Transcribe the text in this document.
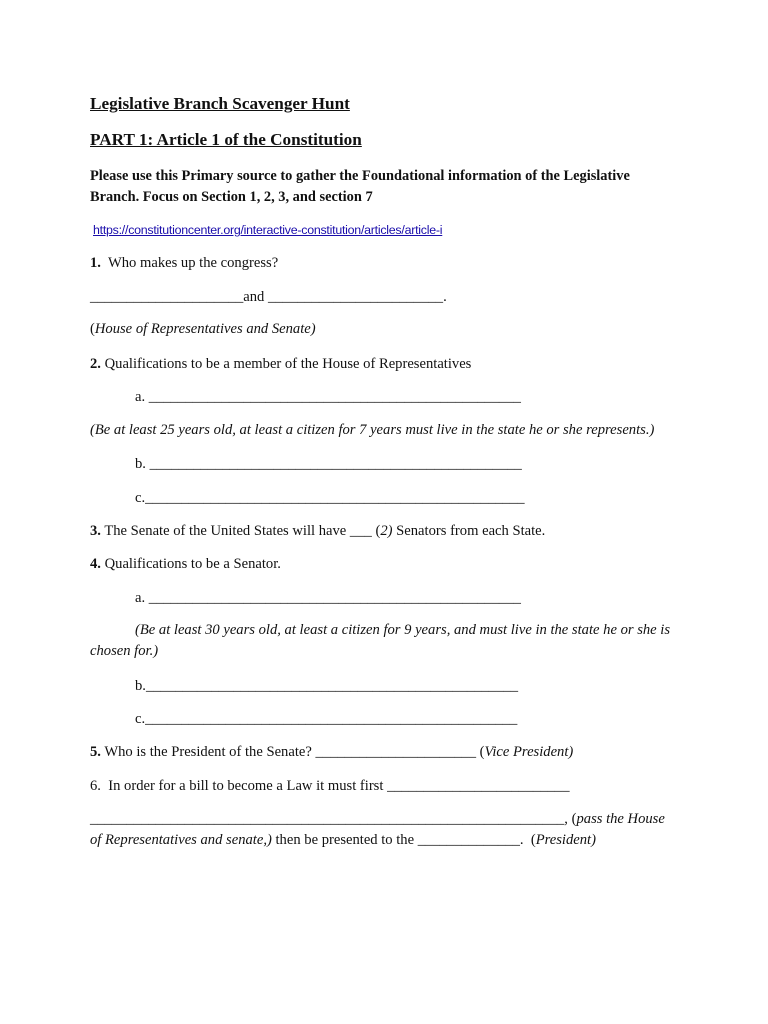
Legislative Branch Scavenger Hunt
PART 1: Article 1 of the Constitution
Please use this Primary source to gather the Foundational information of the Legislative Branch. Focus on Section 1, 2, 3, and section 7
https://constitutioncenter.org/interactive-constitution/articles/article-i
1.  Who makes up the congress?
_____________________and ________________________.
(House of Representatives and Senate)
2. Qualifications to be a member of the House of Representatives
a. ___________________________________________________
(Be at least 25 years old, at least a citizen for 7 years must live in the state he or she represents.)
b. ___________________________________________________
c.____________________________________________________
3. The Senate of the United States will have ___ (2) Senators from each State.
4. Qualifications to be a Senator.
a. ___________________________________________________
(Be at least 30 years old, at least a citizen for 9 years, and must live in the state he or she is chosen for.)
b.___________________________________________________
c.___________________________________________________
5. Who is the President of the Senate? ______________________ (Vice President)
6.  In order for a bill to become a Law it must first _________________________
_________________________________________________________________, (pass the House
of Representatives and senate,) then be presented to the ______________.  (President)
